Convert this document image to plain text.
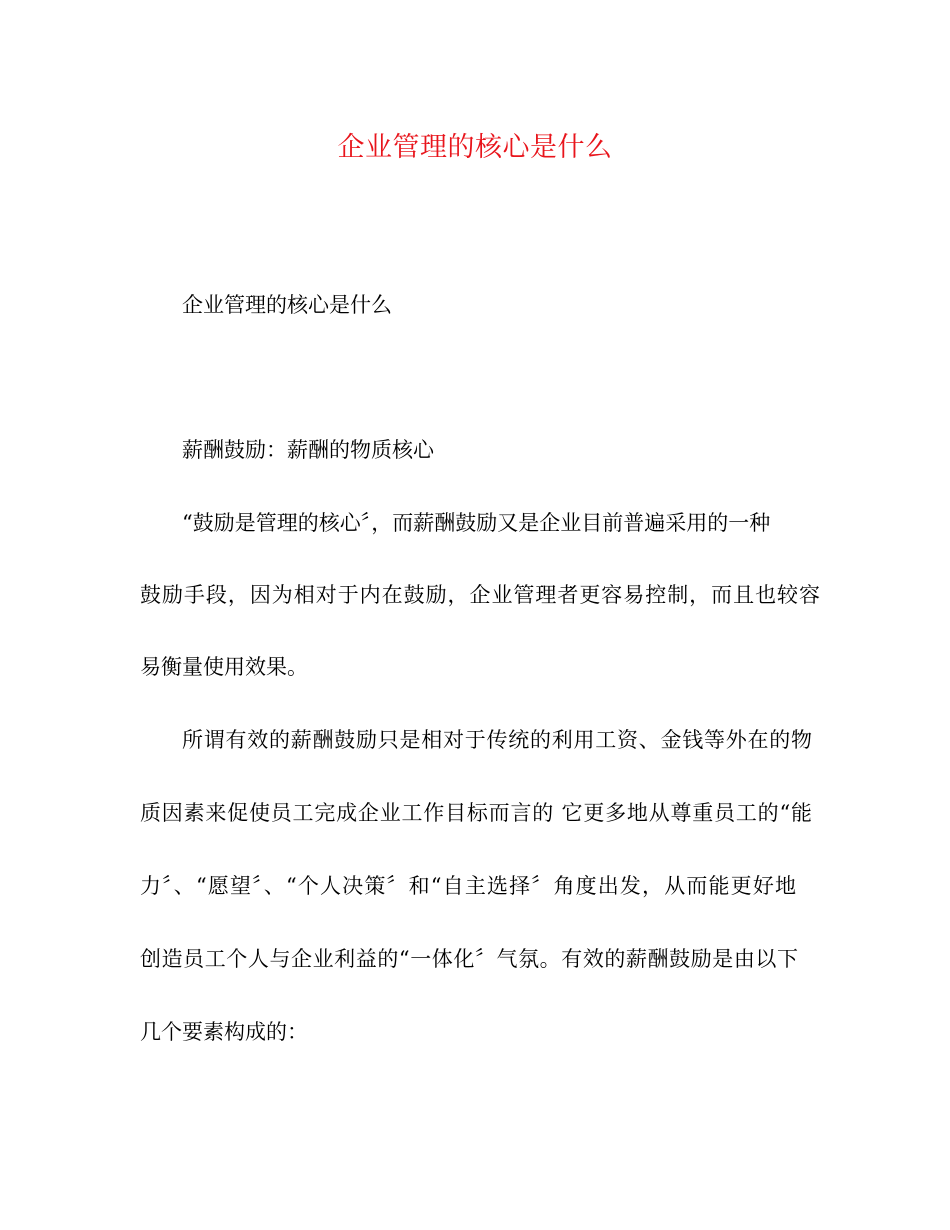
企业管理的核心是什么
企业管理的核心是什么
薪酬鼓励：薪酬的物质核心
“鼓励是管理的核心〞，而薪酬鼓励又是企业目前普遍采用的一种
鼓励手段，因为相对于内在鼓励，企业管理者更容易控制，而且也较容
易衡量使用效果。
所谓有效的薪酬鼓励只是相对于传统的利用工资、金钱等外在的物
质因素来促使员工完成企业工作目标而言的 它更多地从尊重员工的“能
力〞、“愿望〞、“个人决策〞和“自主选择〞角度出发，从而能更好地
创造员工个人与企业利益的“一体化〞气氛。有效的薪酬鼓励是由以下
几个要素构成的：
